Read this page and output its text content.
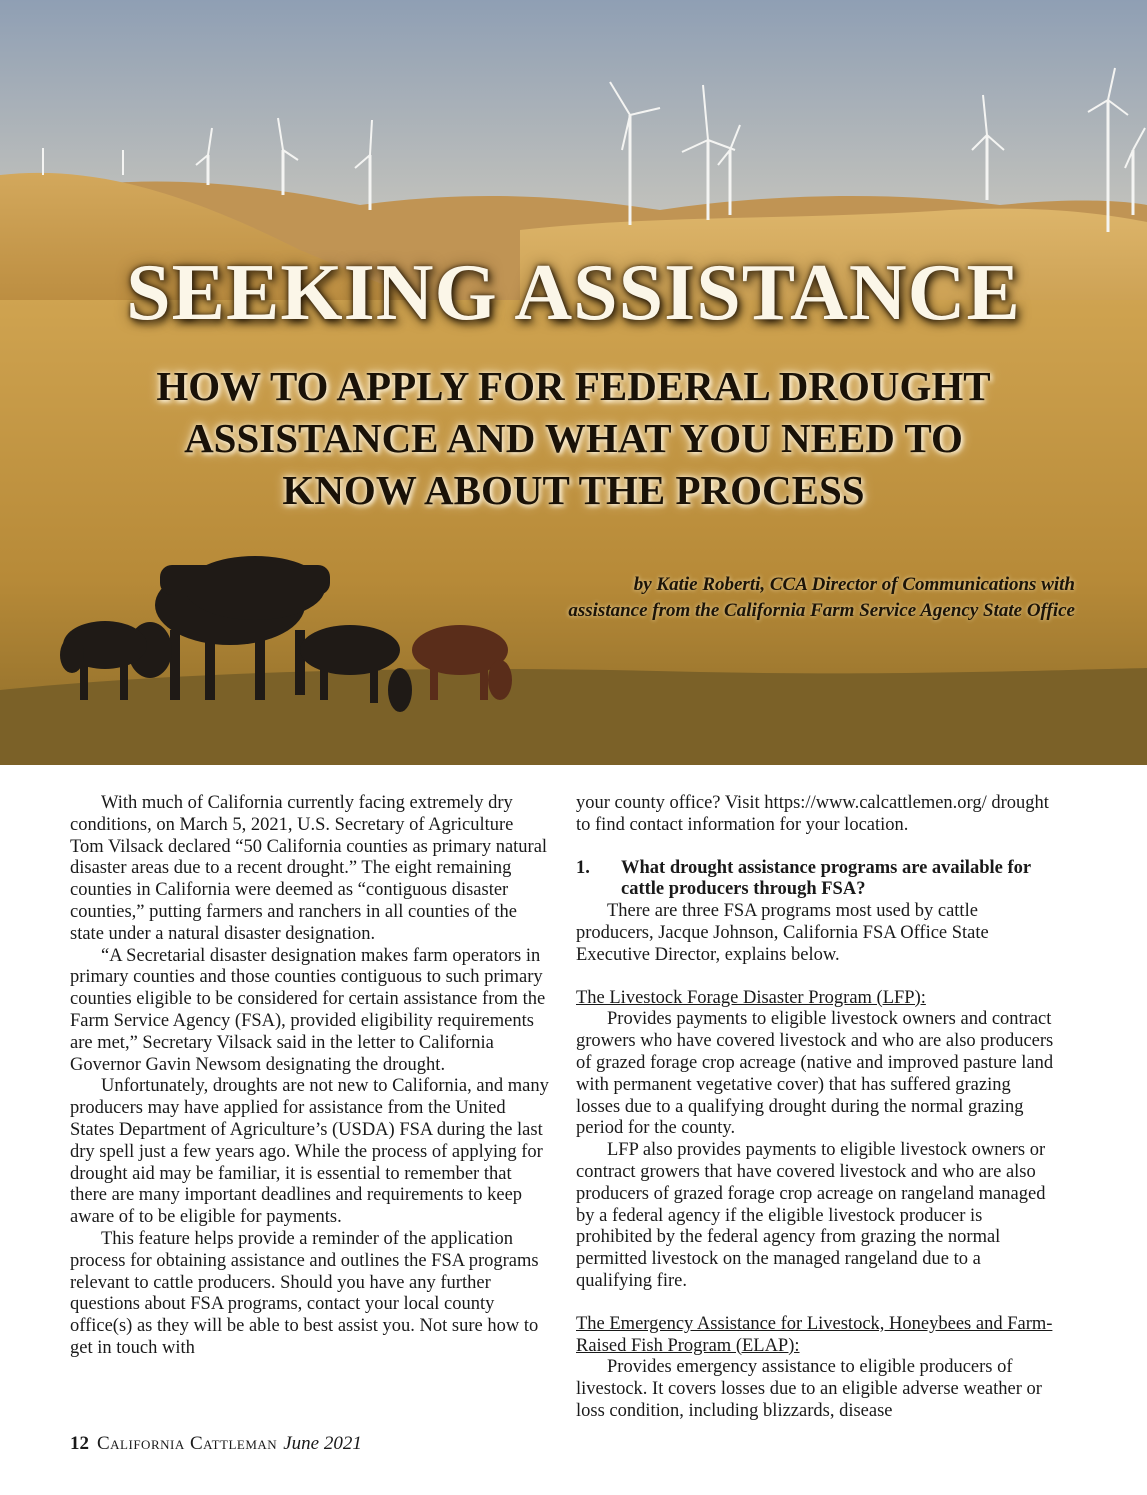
SEEKING ASSISTANCE
HOW TO APPLY FOR FEDERAL DROUGHT
ASSISTANCE AND WHAT YOU NEED TO
KNOW ABOUT THE PROCESS
by Katie Roberti, CCA Director of Communications with
assistance from the California Farm Service Agency State Office

With much of California currently facing extremely dry conditions, on March 5, 2021, U.S. Secretary of Agriculture Tom Vilsack declared “50 California counties as primary natural disaster areas due to a recent drought.” The eight remaining counties in California were deemed as “contiguous disaster counties,” putting farmers and ranchers in all counties of the state under a natural disaster designation.

“A Secretarial disaster designation makes farm operators in primary counties and those counties contiguous to such primary counties eligible to be considered for certain assistance from the Farm Service Agency (FSA), provided eligibility requirements are met,” Secretary Vilsack said in the letter to California Governor Gavin Newsom designating the drought.

Unfortunately, droughts are not new to California, and many producers may have applied for assistance from the United States Department of Agriculture’s (USDA) FSA during the last dry spell just a few years ago. While the process of applying for drought aid may be familiar, it is essential to remember that there are many important deadlines and requirements to keep aware of to be eligible for payments.

This feature helps provide a reminder of the application process for obtaining assistance and outlines the FSA programs relevant to cattle producers. Should you have any further questions about FSA programs, contact your local county office(s) as they will be able to best assist you. Not sure how to get in touch with

your county office? Visit https://www.calcattlemen.org/ drought to find contact information for your location.

1.	What drought assistance programs are available for cattle producers through FSA?

There are three FSA programs most used by cattle producers, Jacque Johnson, California FSA Office State Executive Director, explains below.

The Livestock Forage Disaster Program (LFP):

Provides payments to eligible livestock owners and contract growers who have covered livestock and who are also producers of grazed forage crop acreage (native and improved pasture land with permanent vegetative cover) that has suffered grazing losses due to a qualifying drought during the normal grazing period for the county.

LFP also provides payments to eligible livestock owners or contract growers that have covered livestock and who are also producers of grazed forage crop acreage on rangeland managed by a federal agency if the eligible livestock producer is prohibited by the federal agency from grazing the normal permitted livestock on the managed rangeland due to a qualifying fire.

The Emergency Assistance for Livestock, Honeybees and Farm-Raised Fish Program (ELAP):

Provides emergency assistance to eligible producers of livestock. It covers losses due to an eligible adverse weather or loss condition, including blizzards, disease

12 California Cattleman June 2021
